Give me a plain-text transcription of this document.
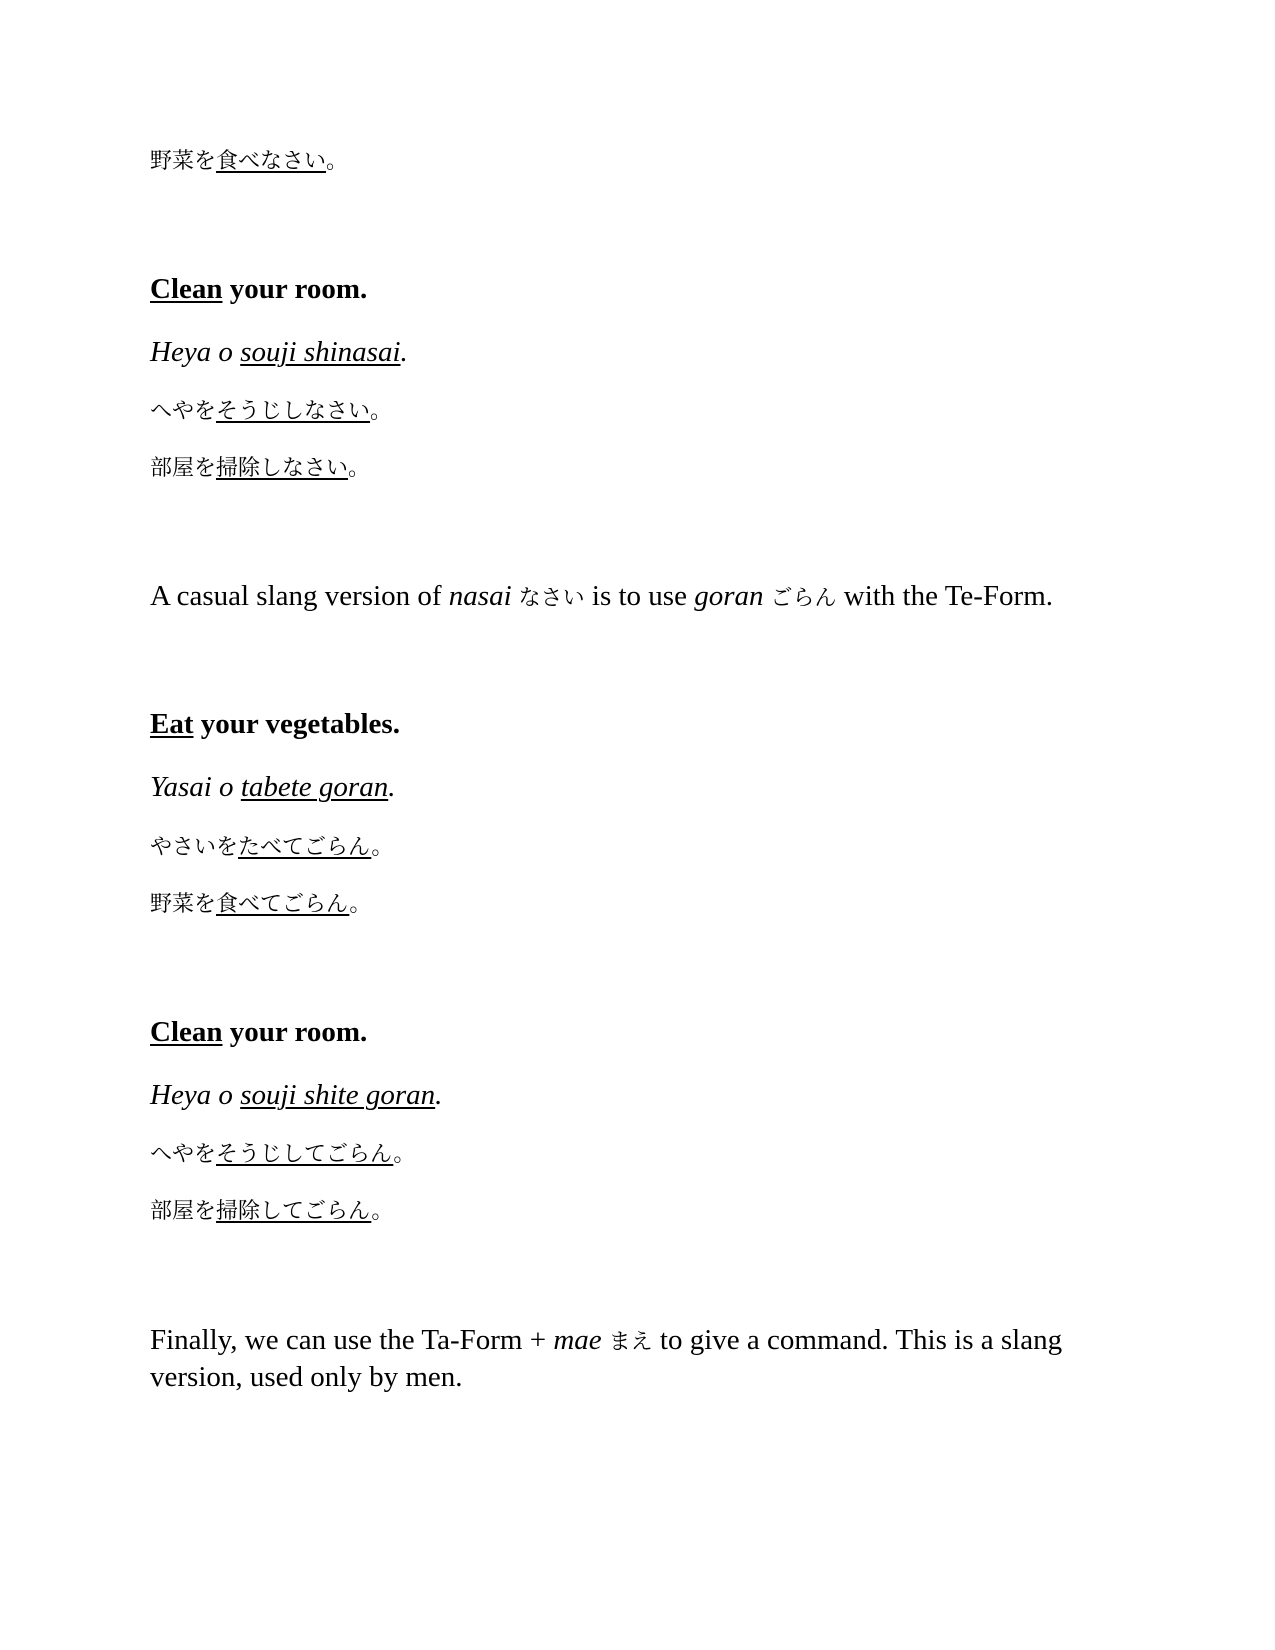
野菜を食べなさい。

Clean your room.

Heya o souji shinasai.

へやをそうじしなさい。

部屋を掃除しなさい。

A casual slang version of nasai なさい is to use goran ごらん with the Te-Form.

Eat your vegetables.

Yasai o tabete goran.

やさいをたべてごらん。

野菜を食べてごらん。

Clean your room.

Heya o souji shite goran.

へやをそうじしてごらん。

部屋を掃除してごらん。

Finally, we can use the Ta-Form + mae まえ to give a command. This is a slang version, used only by men.
